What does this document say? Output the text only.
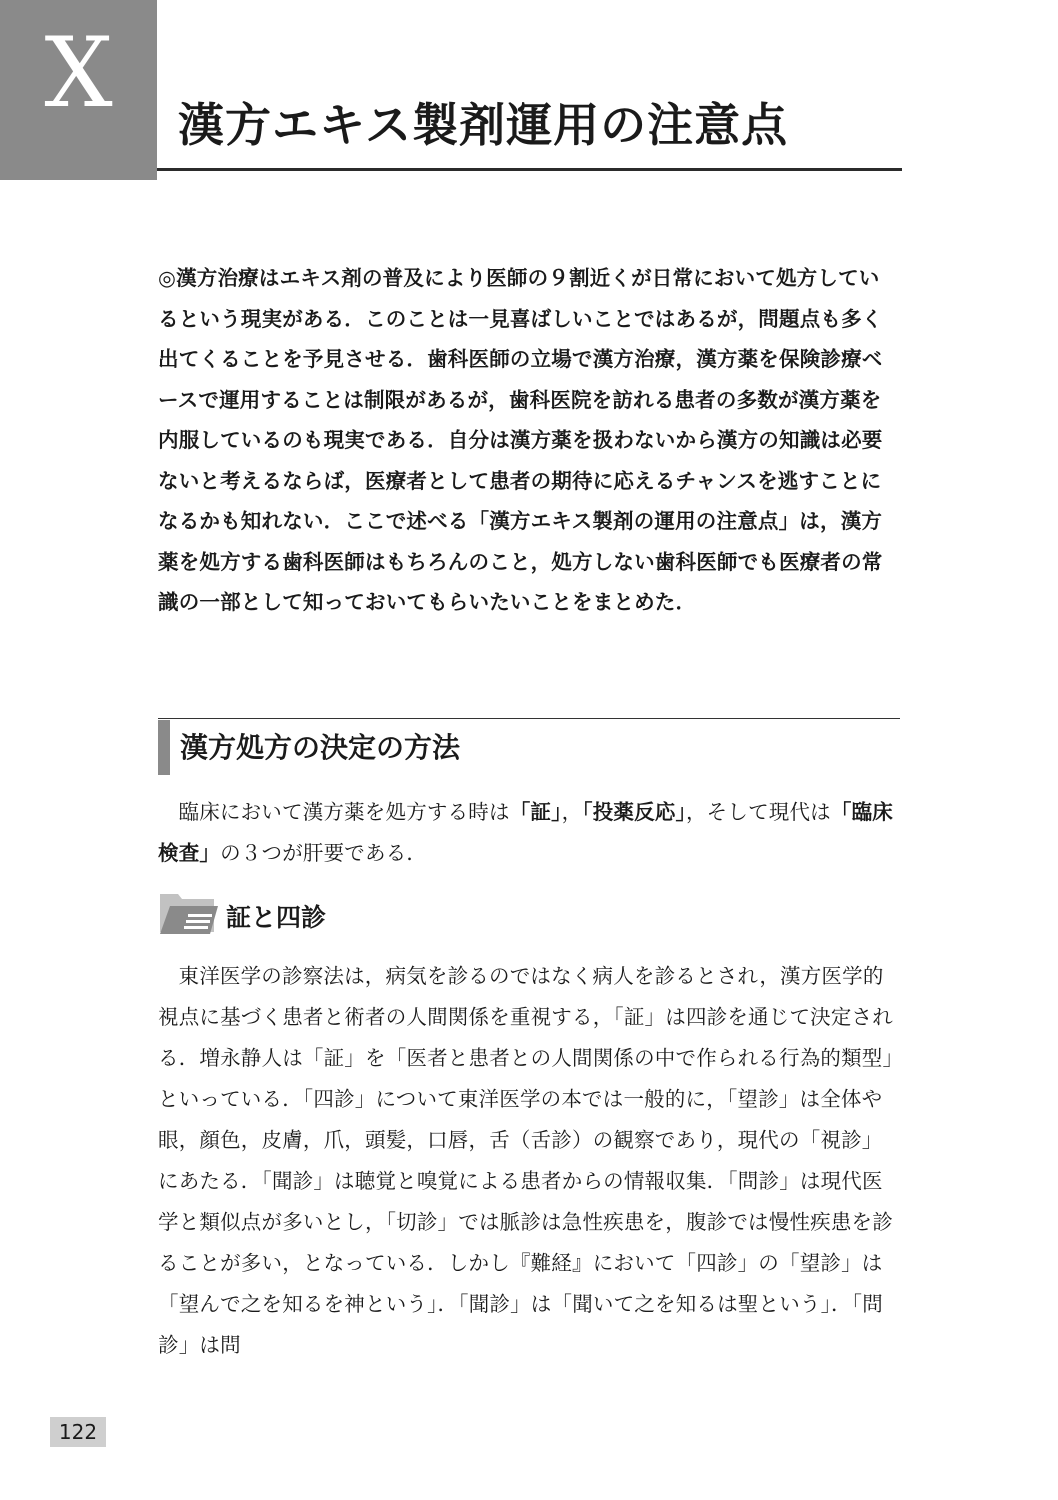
X	漢方エキス製剤運用の注意点
◎漢方治療はエキス剤の普及により医師の９割近くが日常において処方しているという現実がある．このことは一見喜ばしいことではあるが，問題点も多く出てくることを予見させる．歯科医師の立場で漢方治療，漢方薬を保険診療ベースで運用することは制限があるが，歯科医院を訪れる患者の多数が漢方薬を内服しているのも現実である．自分は漢方薬を扱わないから漢方の知識は必要ないと考えるならば，医療者として患者の期待に応えるチャンスを逃すことになるかも知れない．ここで述べる「漢方エキス製剤の運用の注意点」は，漢方薬を処方する歯科医師はもちろんのこと，処方しない歯科医師でも医療者の常識の一部として知っておいてもらいたいことをまとめた．
漢方処方の決定の方法
臨床において漢方薬を処方する時は「証」，「投薬反応」，そして現代は「臨床検査」の３つが肝要である．
証と四診
東洋医学の診察法は，病気を診るのではなく病人を診るとされ，漢方医学的視点に基づく患者と術者の人間関係を重視する，「証」は四診を通じて決定される．増永静人は「証」を「医者と患者との人間関係の中で作られる行為的類型」といっている．「四診」について東洋医学の本では一般的に，「望診」は全体や眼，顔色，皮膚，爪，頭髪，口唇，舌（舌診）の観察であり，現代の「視診」にあたる．「聞診」は聴覚と嗅覚による患者からの情報収集．「問診」は現代医学と類似点が多いとし，「切診」では脈診は急性疾患を，腹診では慢性疾患を診ることが多い，となっている．しかし『難経』において「四診」の「望診」は「望んで之を知るを神という」．「聞診」は「聞いて之を知るは聖という」．「問診」は問
122
